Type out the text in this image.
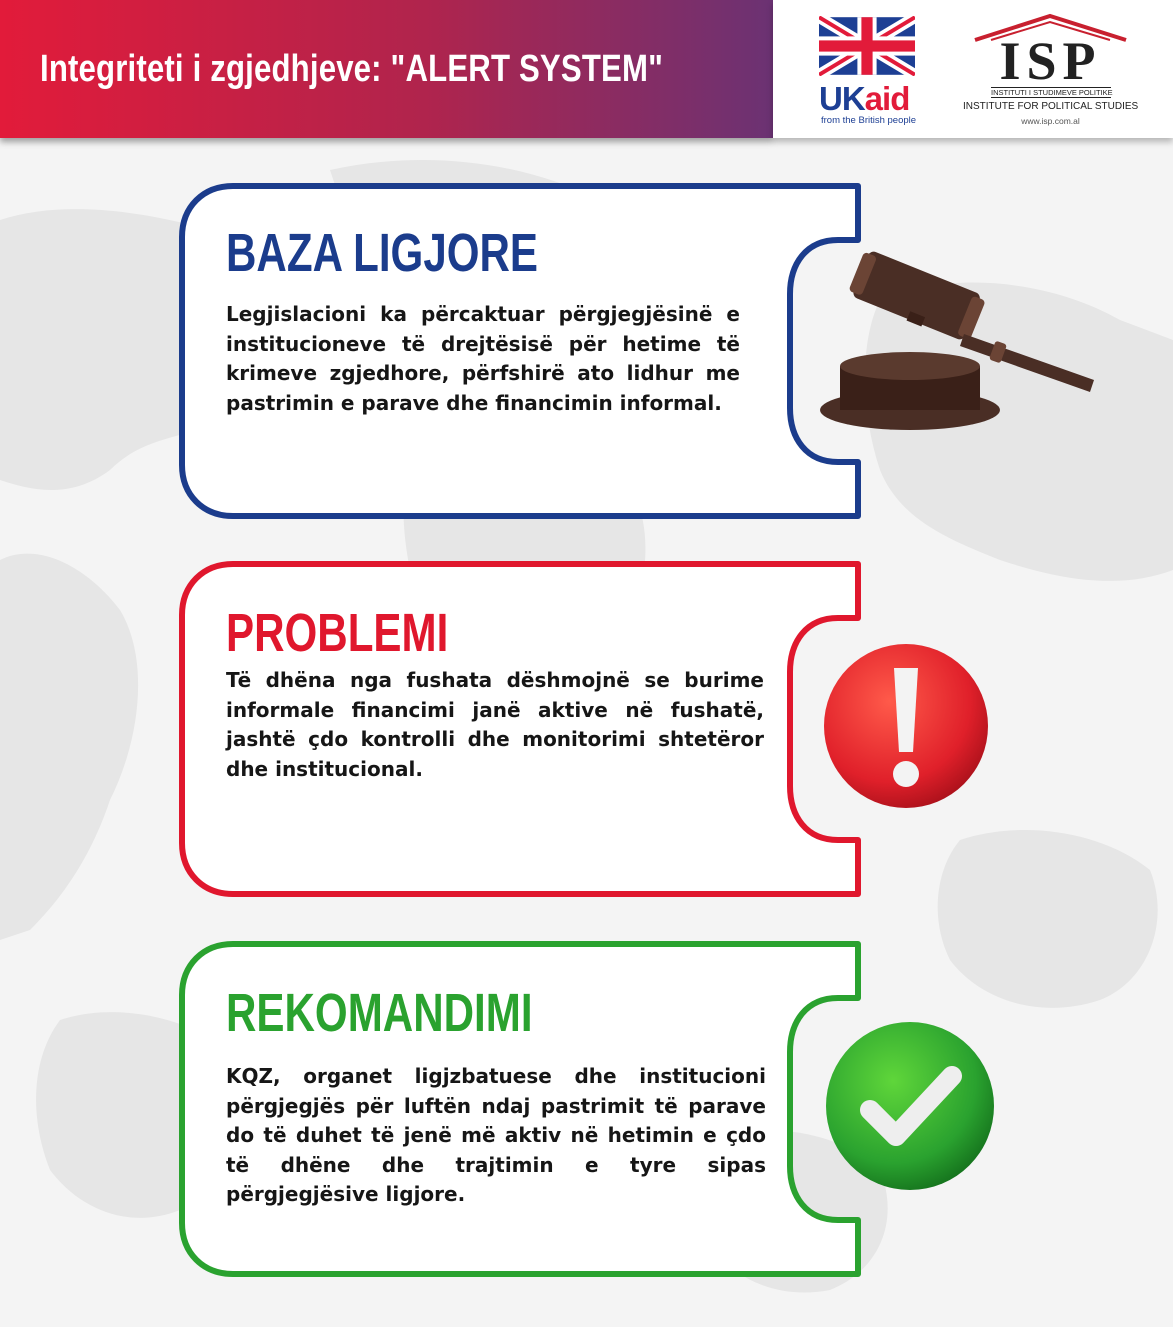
Integriteti i zgjedhjeve: "ALERT SYSTEM"
UKaid
from the British people
ISP
INSTITUTI I STUDIMEVE POLITIKE
INSTITUTE FOR POLITICAL STUDIES
www.isp.com.al
BAZA LIGJORE
Legjislacioni ka përcaktuar përgjegjësinë e institucioneve të drejtësisë për hetime të krimeve zgjedhore, përfshirë ato lidhur me pastrimin e parave dhe financimin informal.
PROBLEMI
Të dhëna nga fushata dëshmojnë se burime informale financimi janë aktive në fushatë, jashtë çdo kontrolli dhe monitorimi shtetëror dhe institucional.
REKOMANDIMI
KQZ, organet ligjzbatuese dhe institucioni përgjegjës për luftën ndaj pastrimit të parave do të duhet të jenë më aktiv në hetimin e çdo të dhëne dhe trajtimin e tyre sipas përgjegjësive ligjore.
